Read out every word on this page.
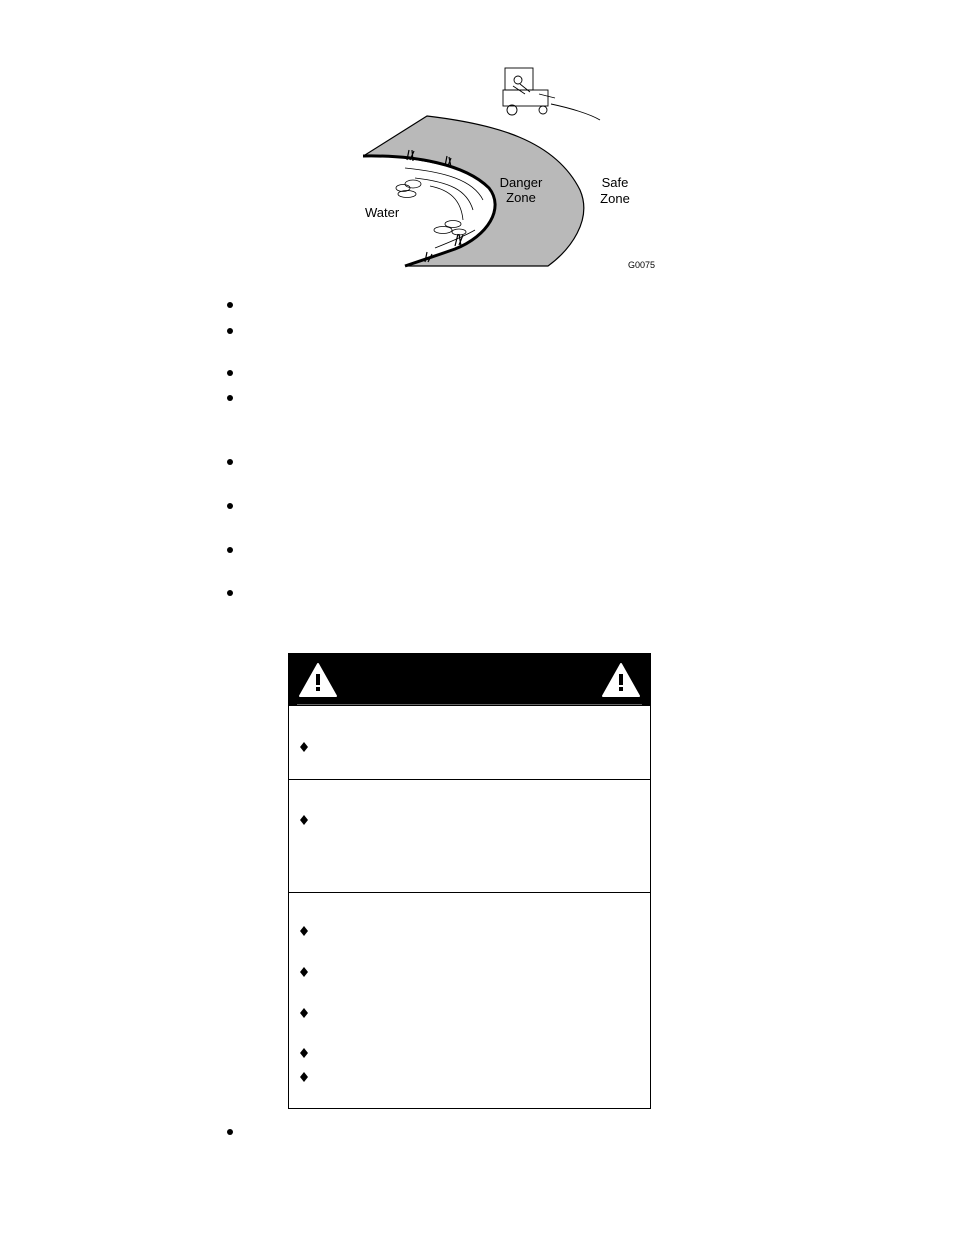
Water
Danger
Zone
Safe
Zone
G0075
